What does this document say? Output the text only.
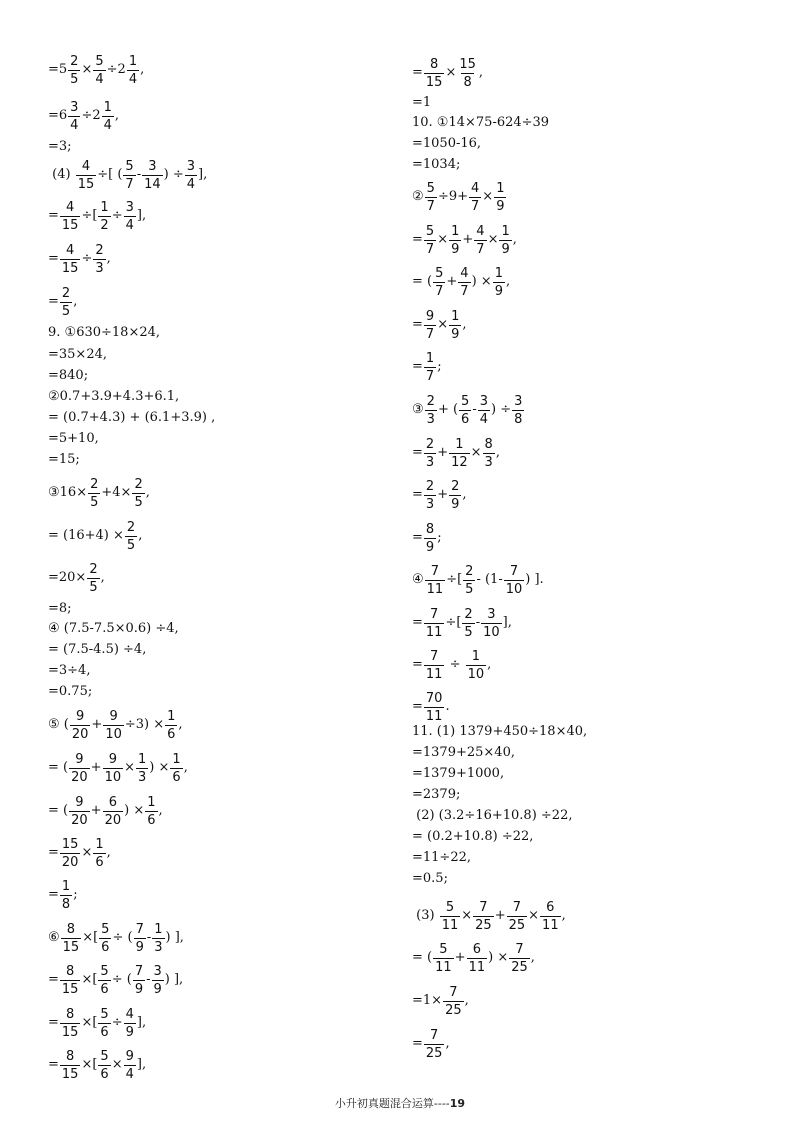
$=5 \frac{2}{5} \times \frac{5}{4} \div 2 \frac{1}{4}$ ,
$=6 \frac{3}{4} \div 2 \frac{1}{4}$ ,
=3;
$(4) \frac{4}{15}$ ÷[ ( $\frac{5}{7} - \frac{3}{14}$ ) ÷ $\frac{3}{4}$ ],
= $\frac{4}{15}$ ÷[ $\frac{1}{2} \div \frac{3}{4}$ ],
= $\frac{4}{15} \div \frac{2}{3}$ ,
= $\frac{2}{5}$ ,
9. ①630÷18×24,
=35×24,
=840;
②0.7+3.9+4.3+6.1,
= (0.7+4.3) + (6.1+3.9) ,
=5+10,
=15;
③16× $\frac{2}{5} +4\times \frac{2}{5}$ ,
= $(16+4) \times \frac{2}{5}$ ,
$=20\times \frac{2}{5}$ ,
=8;
④ (7.5-7.5×0.6) ÷4,
= (7.5-4.5) ÷4,
=3÷4,
=0.75;
⑤ ( $\frac{9}{20} + \frac{9}{10} \div 3) \times \frac{1}{6}$ ,
= ( $\frac{9}{20} + \frac{9}{10} \times \frac{1}{3}$ ) × $\frac{1}{6}$ ,
= ( $\frac{9}{20} + \frac{6}{20}$ ) × $\frac{1}{6}$ ,
= $\frac{15}{20} \times \frac{1}{6}$ ,
= $\frac{1}{8}$ ;
⑥ $\frac{8}{15}$ ×[ $\frac{5}{6}$ ÷ ( $\frac{7}{9} - \frac{1}{3}$ ) ],
= $\frac{8}{15}$ ×[ $\frac{5}{6}$ ÷ ( $\frac{7}{9} - \frac{3}{9}$ ) ],
= $\frac{8}{15}$ ×[ $\frac{5}{6} \div \frac{4}{9}$ ],
= $\frac{8}{15}$ ×[ $\frac{5}{6} \times \frac{9}{4}$ ],
= $\frac{8}{15} \times \frac{15}{8}$ ,
=1
10. ①14×75-624÷39
=1050-16,
=1034;
② $\frac{5}{7} \div 9+ \frac{4}{7} \times \frac{1}{9}$
= $\frac{5}{7} \times \frac{1}{9} + \frac{4}{7} \times \frac{1}{9}$ ,
= ( $\frac{5}{7} + \frac{4}{7}$ ) × $\frac{1}{9}$ ,
= $\frac{9}{7} \times \frac{1}{9}$ ,
= $\frac{1}{7}$ ;
③ $\frac{2}{3}$ + ( $\frac{5}{6} - \frac{3}{4}$ ) ÷ $\frac{3}{8}$
= $\frac{2}{3} + \frac{1}{12} \times \frac{8}{3}$ ,
= $\frac{2}{3} + \frac{2}{9}$ ,
= $\frac{8}{9}$ ;
④ $\frac{7}{11}$ ÷[ $\frac{2}{5} - (1- \frac{7}{10}$ ) ].
= $\frac{7}{11}$ ÷[ $\frac{2}{5} - \frac{3}{10}$ ],
= $\frac{7}{11} \div \frac{1}{10}$ ,
= $\frac{70}{11}$ .
11. (1) 1379+450÷18×40,
=1379+25×40,
=1379+1000,
=2379;
(2) (3.2÷16+10.8) ÷22,
= (0.2+10.8) ÷22,
=11÷22,
=0.5;
$(3) \frac{5}{11} \times \frac{7}{25} + \frac{7}{25} \times \frac{6}{11}$ ,
= ( $\frac{5}{11} + \frac{6}{11}$ ) × $\frac{7}{25}$ ,
$=1\times \frac{7}{25}$ ,
= $\frac{7}{25}$ ,
小升初真题混合运算----19
